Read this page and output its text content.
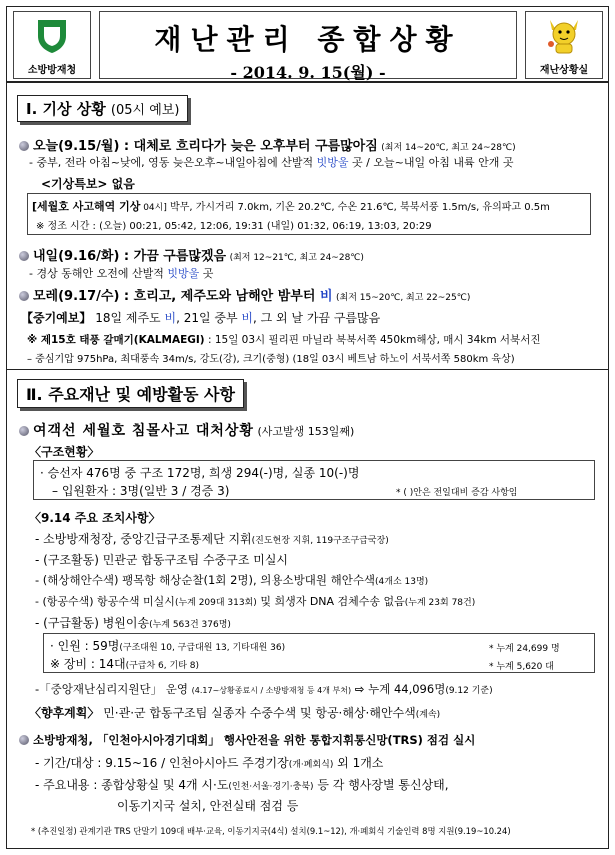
소방방재청
재난관리 종합상황
- 2014. 9. 15(월) -	재난상황실
Ⅰ. 기상 상황 (05시 예보)
오늘(9.15/월) : 대체로 흐리다가 늦은 오후부터 구름많아짐 (최저 14~20℃, 최고 24~28℃)
- 중부, 전라 아침~낮에, 영동 늦은오후~내일아침에 산발적 빗방울 곳 / 오늘~내일 아침 내륙 안개 곳
<기상특보> 없음
[세월호 사고해역 기상 04시] 박무, 가시거리 7.0km, 기온 20.2℃, 수온 21.6℃, 북북서풍 1.5m/s, 유의파고 0.5m
※ 정조 시간 : (오늘) 00:21, 05:42, 12:06, 19:31 (내일) 01:32, 06:19, 13:03, 20:29
내일(9.16/화) : 가끔 구름많겠음 (최저 12~21℃, 최고 24~28℃)
- 경상 동해안 오전에 산발적 빗방울 곳
모레(9.17/수) : 흐리고, 제주도와 남해안 밤부터 비 (최저 15~20℃, 최고 22~25℃)
【중기예보】 18일 제주도 비, 21일 중부 비, 그 외 날 가끔 구름많음
※ 제15호 태풍 갈매기(KALMAEGI) : 15일 03시 필리핀 마닐라 북북서쪽 450km해상, 매시 34km 서북서진
– 중심기압 975hPa, 최대풍속 34m/s, 강도(강), 크기(중형) (18일 03시 베트남 하노이 서북서쪽 580km 육상)
Ⅱ. 주요재난 및 예방활동 사항
여객선 세월호 침몰사고 대처상황 (사고발생 153일째)
〈구조현황〉
· 승선자 476명 중 구조 172명, 희생 294(-)명, 실종 10(-)명
– 입원환자 : 3명(일반 3 / 경증 3)	* ( )안은 전일대비 증감 사항임
〈9.14 주요 조치사항〉
- 소방방재청장, 중앙긴급구조통제단 지휘(진도현장 지휘, 119구조구급국장)
- (구조활동) 민관군 합동구조팀 수중구조 미실시
- (해상해안수색) 팽목항 해상순찰(1회 2명), 의용소방대원 해안수색(4개소 13명)
- (항공수색) 항공수색 미실시(누계 209대 313회) 및 희생자 DNA 검체수송 없음(누계 23회 78건)
- (구급활동) 병원이송(누계 563건 376명)
· 인원 : 59명(구조대원 10, 구급대원 13, 기타대원 36)	* 누계 24,699 명
※ 장비 : 14대(구급차 6, 기타 8)	* 누계 5,620 대
-「중앙재난심리지원단」 운영 (4.17~상황종료시 / 소방방재청 등 4개 부처) ⇨ 누계 44,096명(9.12 기준)
〈향후계획〉 민·관·군 합동구조팀 실종자 수중수색 및 항공·해상·해안수색(계속)
소방방재청, 「인천아시아경기대회」 행사안전을 위한 통합지휘통신망(TRS) 점검 실시
- 기간/대상 : 9.15~16 / 인천아시아드 주경기장(개·폐회식) 외 1개소
- 주요내용 : 종합상황실 및 4개 시·도(인천·서울·경기·충북) 등 각 행사장별 통신상태,
이동기지국 설치, 안전실태 점검 등
* (추진일정) 관계기관 TRS 단말기 109대 배부·교육, 이동기지국(4식) 설치(9.1~12), 개·폐회식 기술인력 8명 지원(9.19~10.24)
